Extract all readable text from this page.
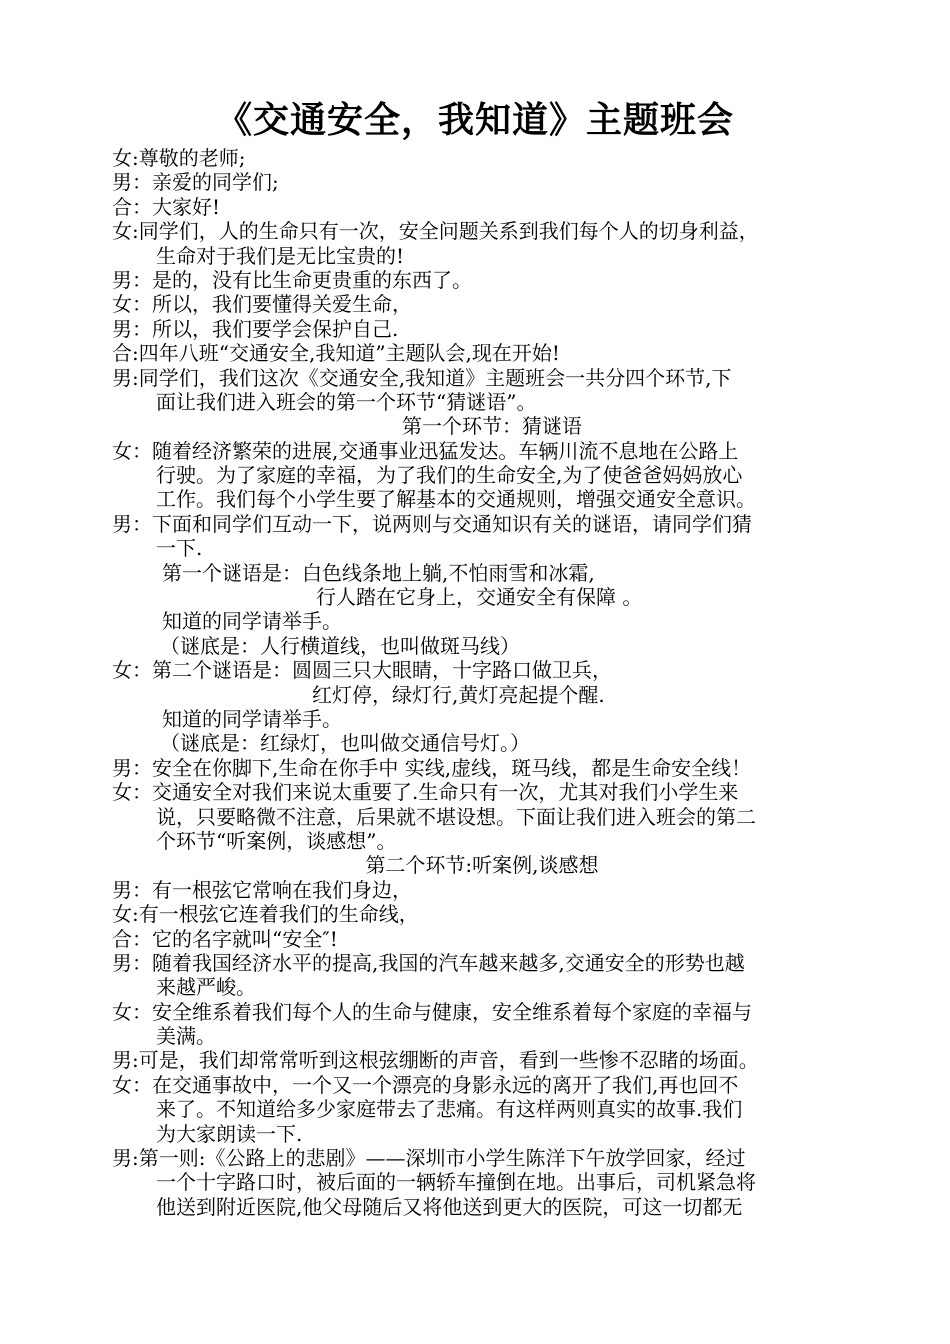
《交通安全，我知道》主题班会
女:尊敬的老师;
男：亲爱的同学们;
合：大家好!
女:同学们，人的生命只有一次，安全问题关系到我们每个人的切身利益，
生命对于我们是无比宝贵的!
男：是的，没有比生命更贵重的东西了。
女：所以，我们要懂得关爱生命，
男：所以，我们要学会保护自己.
合:四年八班“交通安全,我知道”主题队会,现在开始!
男:同学们，我们这次《交通安全,我知道》主题班会一共分四个环节,下
面让我们进入班会的第一个环节“猜谜语”。
第一个环节：猜谜语
女：随着经济繁荣的进展,交通事业迅猛发达。车辆川流不息地在公路上
行驶。为了家庭的幸福，为了我们的生命安全,为了使爸爸妈妈放心
工作。我们每个小学生要了解基本的交通规则，增强交通安全意识。
男：下面和同学们互动一下，说两则与交通知识有关的谜语，请同学们猜
一下.
第一个谜语是：白色线条地上躺,不怕雨雪和冰霜,
行人踏在它身上，交通安全有保障 。
知道的同学请举手。
（谜底是：人行横道线，也叫做斑马线）
女：第二个谜语是：圆圆三只大眼睛，十字路口做卫兵，
红灯停，绿灯行,黄灯亮起提个醒.
知道的同学请举手。
（谜底是：红绿灯，也叫做交通信号灯。）
男：安全在你脚下,生命在你手中 实线,虚线，斑马线，都是生命安全线！
女：交通安全对我们来说太重要了.生命只有一次，尤其对我们小学生来
说，只要略微不注意，后果就不堪设想。下面让我们进入班会的第二
个环节“听案例，谈感想”。
第二个环节:听案例,谈感想
男：有一根弦它常响在我们身边，
女:有一根弦它连着我们的生命线，
合：它的名字就叫“安全″!
男：随着我国经济水平的提高,我国的汽车越来越多,交通安全的形势也越
来越严峻。
女：安全维系着我们每个人的生命与健康，安全维系着每个家庭的幸福与
美满。
男:可是，我们却常常听到这根弦绷断的声音，看到一些惨不忍睹的场面。
女：在交通事故中，一个又一个漂亮的身影永远的离开了我们,再也回不
来了。不知道给多少家庭带去了悲痛。有这样两则真实的故事.我们
为大家朗读一下.
男:第一则:《公路上的悲剧》——深圳市小学生陈洋下午放学回家，经过
一个十字路口时，被后面的一辆轿车撞倒在地。出事后，司机紧急将
他送到附近医院,他父母随后又将他送到更大的医院，可这一切都无
